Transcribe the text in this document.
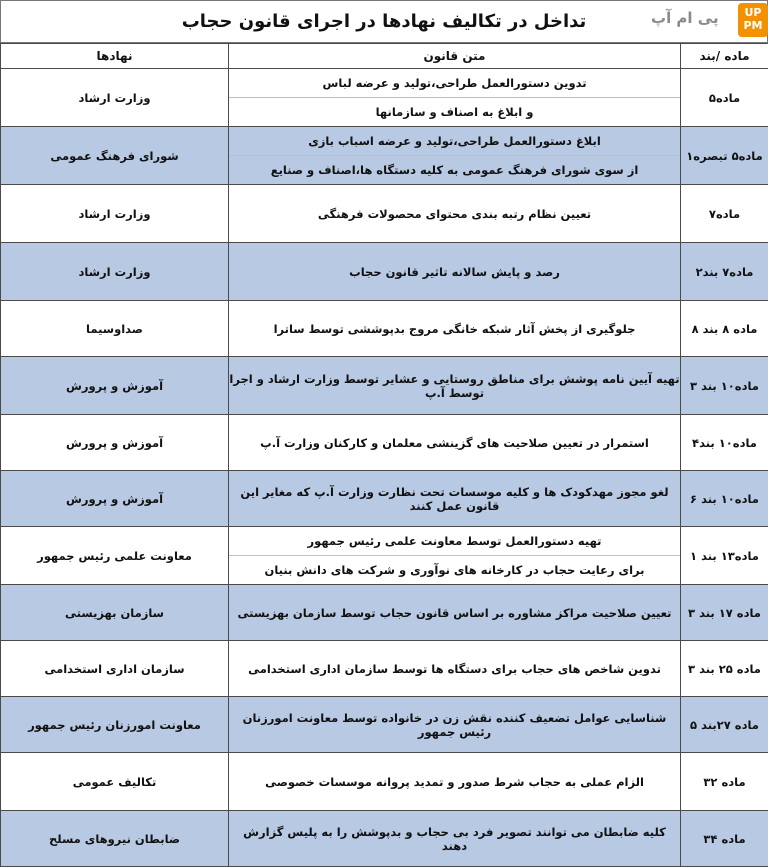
تداخل در تکالیف نهادها در اجرای قانون حجاب	پی ام آپ	UP PM
ماده /بند	متن قانون	نهادها
ماده۵	تدوین دستورالعمل طراحی،تولید و عرضه لباس
و ابلاغ به اصناف و سازمانها	وزارت ارشاد
ماده۵ تبصره۱	ابلاغ دستورالعمل طراحی،تولید و عرضه اسباب بازی
از سوی شورای فرهنگ عمومی به کلیه دستگاه ها،اصناف و صنایع	شورای فرهنگ عمومی
ماده۷	تعیین نظام رتبه بندی محتوای محصولات فرهنگی	وزارت ارشاد
ماده۷ بند۲	رصد و پایش سالانه تاثیر قانون حجاب	وزارت ارشاد
ماده ۸ بند ۸	جلوگیری از پخش آثار شبکه خانگی مروج بدپوششی توسط ساترا	صداوسیما
ماده۱۰ بند ۳	تهیه آیین نامه پوشش برای مناطق روستایی و عشایر توسط وزارت ارشاد و اجرا توسط آ.پ	آموزش و پرورش
ماده۱۰ بند۴	استمرار در تعیین صلاحیت های گزینشی معلمان و کارکنان وزارت آ.پ	آموزش و پرورش
ماده۱۰ بند ۶	لغو مجوز مهدکودک ها و کلیه موسسات تحت نظارت وزارت آ.پ که مغایر این قانون عمل کنند	آموزش و پرورش
ماده۱۳ بند ۱	تهیه دستورالعمل توسط معاونت علمی رئیس جمهور
برای رعایت حجاب در کارخانه های نوآوری و شرکت های دانش بنیان	معاونت علمی رئیس جمهور
ماده ۱۷ بند ۳	تعیین صلاحیت مراکز مشاوره بر اساس قانون حجاب توسط سازمان بهزیستی	سازمان بهزیستی
ماده ۲۵ بند ۳	تدوین شاخص های حجاب برای دستگاه ها توسط سازمان اداری استخدامی	سازمان اداری استخدامی
ماده ۲۷بند ۵	شناسایی عوامل تضعیف کننده نقش زن در خانواده توسط معاونت امورزنان رئیس جمهور	معاونت امورزنان رئیس جمهور
ماده ۳۲	الزام عملی به حجاب شرط صدور و تمدید پروانه موسسات خصوصی	تکالیف عمومی
ماده ۳۴	کلیه ضابطان می توانند تصویر فرد بی حجاب و بدپوشش را به پلیس گزارش دهند	ضابطان نیروهای مسلح
